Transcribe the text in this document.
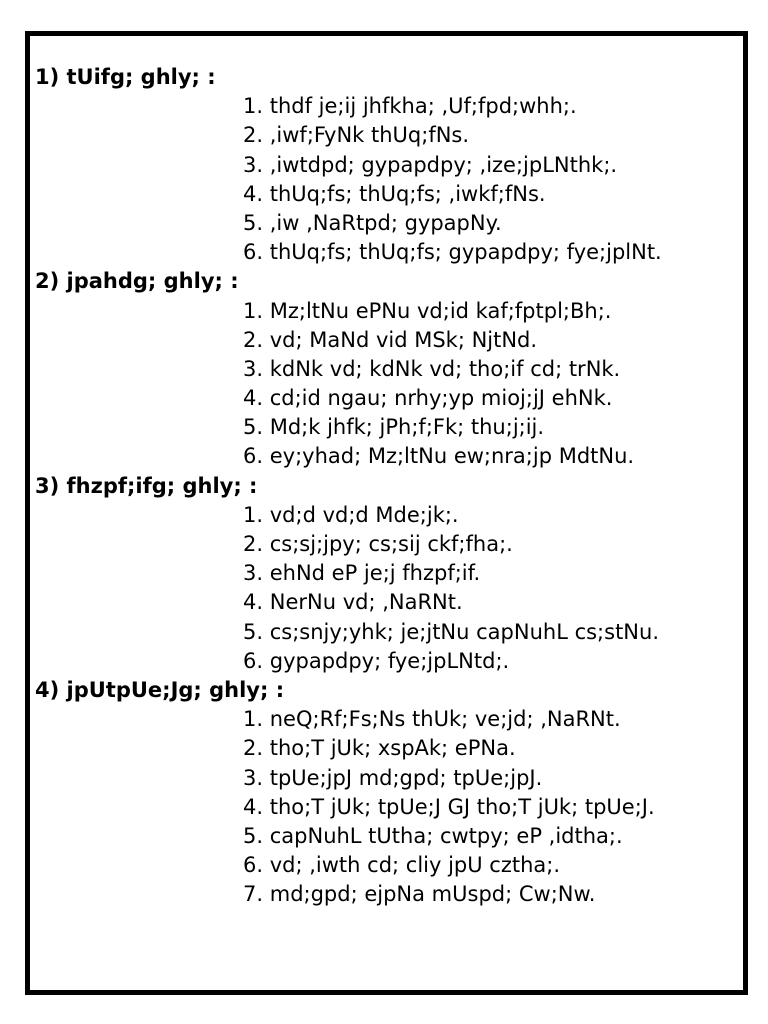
1) tUifg; ghly; :
1. thdf je;ij jhfkha; ,Uf;fpd;whh;.
2. ,iwf;FyNk thUq;fNs.
3. ,iwtdpd; gypapdpy; ,ize;jpLNthk;.
4. thUq;fs; thUq;fs; ,iwkf;fNs.
5. ,iw ,NaRtpd; gypapNy.
6. thUq;fs; thUq;fs; gypapdpy; fye;jplNt.
2) jpahdg; ghly; :
1. Mz;ltNu ePNu vd;id kaf;fptpl;Bh;.
2. vd; MaNd vid MSk; NjtNd.
3. kdNk vd; kdNk vd; tho;if cd; trNk.
4. cd;id ngau; nrhy;yp mioj;jJ ehNk.
5. Md;k jhfk; jPh;f;Fk; thu;j;ij.
6. ey;yhad; Mz;ltNu ew;nra;jp MdtNu.
3) fhzpf;ifg; ghly; :
1. vd;d vd;d Mde;jk;.
2. cs;sj;jpy; cs;sij ckf;fha;.
3. ehNd eP je;j fhzpf;if.
4. NerNu vd; ,NaRNt.
5. cs;snjy;yhk; je;jtNu capNuhL cs;stNu.
6. gypapdpy; fye;jpLNtd;.
4) jpUtpUe;Jg; ghly; :
1. neQ;Rf;Fs;Ns thUk; ve;jd; ,NaRNt.
2. tho;T jUk; xspAk; ePNa.
3. tpUe;jpJ md;gpd; tpUe;jpJ.
4. tho;T jUk; tpUe;J GJ tho;T jUk; tpUe;J.
5. capNuhL tUtha; cwtpy; eP ,idtha;.
6. vd; ,iwth cd; cliy jpU cztha;.
7. md;gpd; ejpNa mUspd; Cw;Nw.
